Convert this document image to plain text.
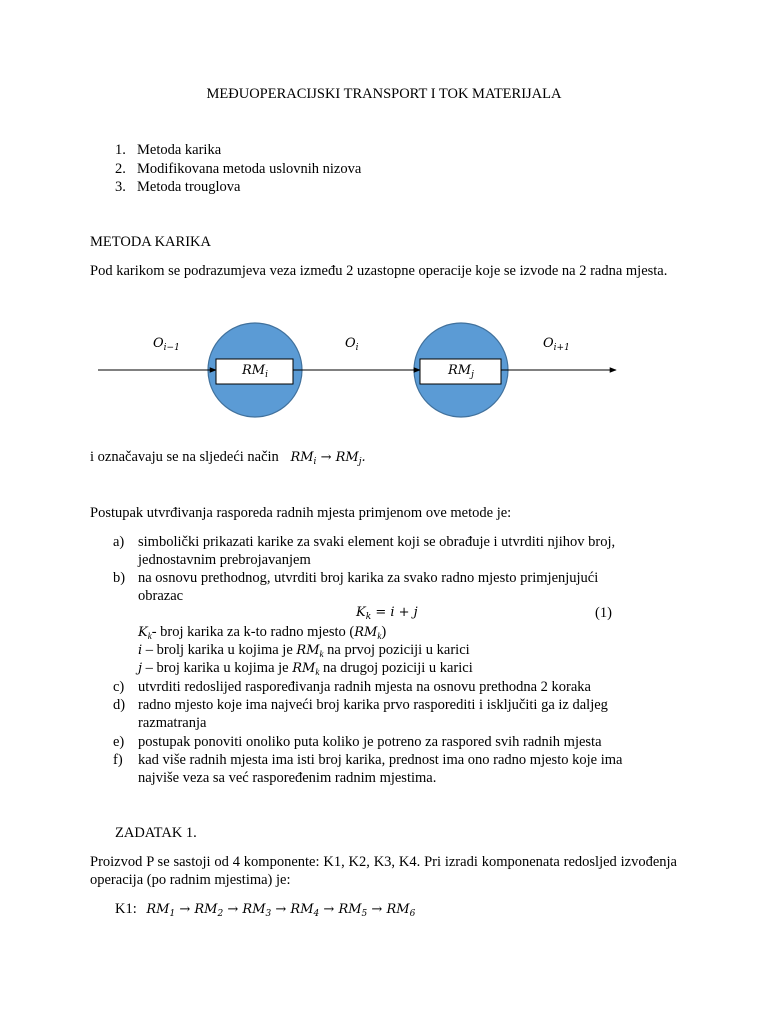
MEĐUOPERACIJSKI TRANSPORT I TOK MATERIJALA
1. Metoda karika
2. Modifikovana metoda uslovnih nizova
3. Metoda trouglova
METODA KARIKA
Pod karikom se podrazumjeva veza između 2 uzastopne operacije koje se izvode na 2 radna mjesta.
$O_{i-1}$	$O_i$	$O_{i+1}$
$RM_i$	$RM_j$
i označavaju se na sljedeći način $RM_i \to RM_j$.
Postupak utvrđivanja rasporeda radnih mjesta primjenom ove metode je:
a) simbolički prikazati karike za svaki element koji se obrađuje i utvrditi njihov broj,
jednostavnim prebrojavanjem
b) na osnovu prethodnog, utvrditi broj karika za svako radno mjesto primjenjujući
obrazac
$K_k-$ broj karika za k-to radno mjesto $(RM_k)$
i – brolj karika u kojima je $RM_k$ na prvoj poziciji u karici
j – broj karika u kojima je $RM_k$ na drugoj poziciji u karici
c) utvrditi redoslijed raspoređivanja radnih mjesta na osnovu prethodna 2 koraka
d) radno mjesto koje ima najveći broj karika prvo rasporediti i isključiti ga iz daljeg
razmatranja
e) postupak ponoviti onoliko puta koliko je potreno za raspored svih radnih mjesta
f)	kad više radnih mjesta ima isti broj karika, prednost ima ono radno mjesto koje ima
najviše veza sa već raspoređenim radnim mjestima.
$K_k = i + j$	(1)
ZADATAK 1.
Proizvod P se sastoji od 4 komponente: K1, K2, K3, K4. Pri izradi komponenata redosljed izvođenja operacija (po radnim mjestima) je:
K1: $RM_1 \to RM_2 \to RM_3 \to RM_4 \to RM_5 \to RM_6$
